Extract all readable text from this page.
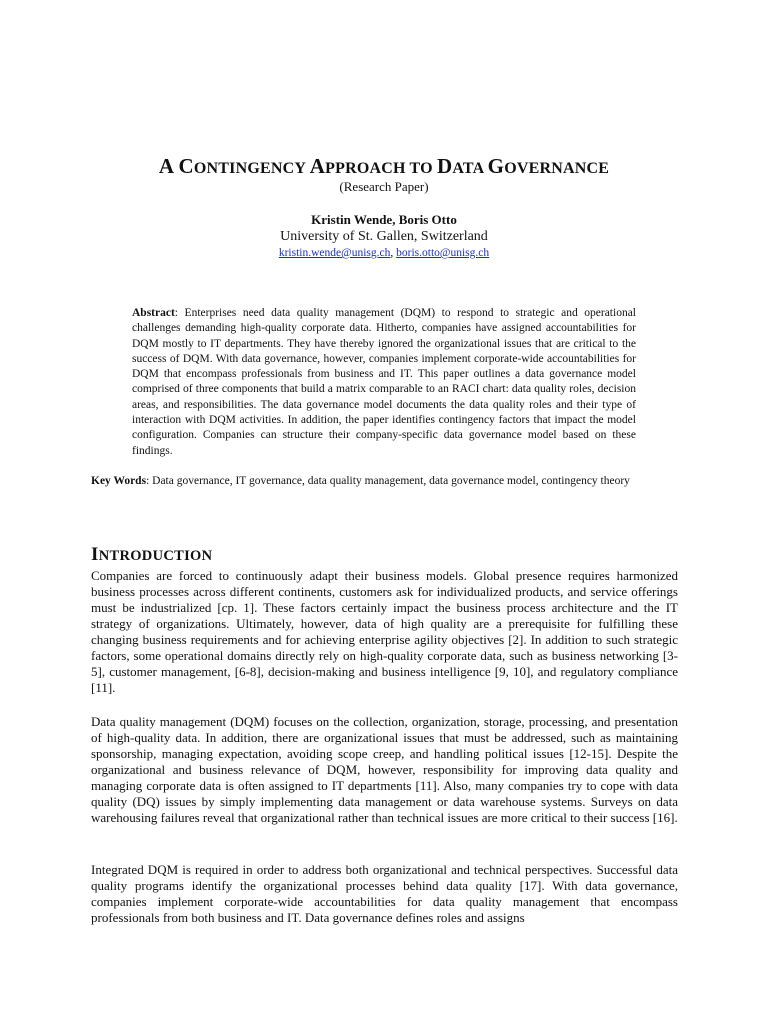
A CONTINGENCY APPROACH TO DATA GOVERNANCE
(Research Paper)
Kristin Wende, Boris Otto
University of St. Gallen, Switzerland
kristin.wende@unisg.ch, boris.otto@unisg.ch

Abstract: Enterprises need data quality management (DQM) to respond to strategic and operational challenges demanding high-quality corporate data. Hitherto, companies have assigned accountabilities for DQM mostly to IT departments. They have thereby ignored the organizational issues that are critical to the success of DQM. With data governance, however, companies implement corporate-wide accountabilities for DQM that encompass professionals from business and IT. This paper outlines a data governance model comprised of three components that build a matrix comparable to an RACI chart: data quality roles, decision areas, and responsibilities. The data governance model documents the data quality roles and their type of interaction with DQM activities. In addition, the paper identifies contingency factors that impact the model configuration. Companies can structure their company-specific data governance model based on these findings.

Key Words: Data governance, IT governance, data quality management, data governance model, contingency theory

INTRODUCTION

Companies are forced to continuously adapt their business models. Global presence requires harmonized business processes across different continents, customers ask for individualized products, and service offerings must be industrialized [cp. 1]. These factors certainly impact the business process architecture and the IT strategy of organizations. Ultimately, however, data of high quality are a prerequisite for fulfilling these changing business requirements and for achieving enterprise agility objectives [2]. In addition to such strategic factors, some operational domains directly rely on high-quality corporate data, such as business networking [3-5], customer management, [6-8], decision-making and business intelligence [9, 10], and regulatory compliance [11].

Data quality management (DQM) focuses on the collection, organization, storage, processing, and presentation of high-quality data. In addition, there are organizational issues that must be addressed, such as maintaining sponsorship, managing expectation, avoiding scope creep, and handling political issues [12-15]. Despite the organizational and business relevance of DQM, however, responsibility for improving data quality and managing corporate data is often assigned to IT departments [11]. Also, many companies try to cope with data quality (DQ) issues by simply implementing data management or data warehouse systems. Surveys on data warehousing failures reveal that organizational rather than technical issues are more critical to their success [16].

Integrated DQM is required in order to address both organizational and technical perspectives. Successful data quality programs identify the organizational processes behind data quality [17]. With data governance, companies implement corporate-wide accountabilities for data quality management that encompass professionals from both business and IT. Data governance defines roles and assigns
